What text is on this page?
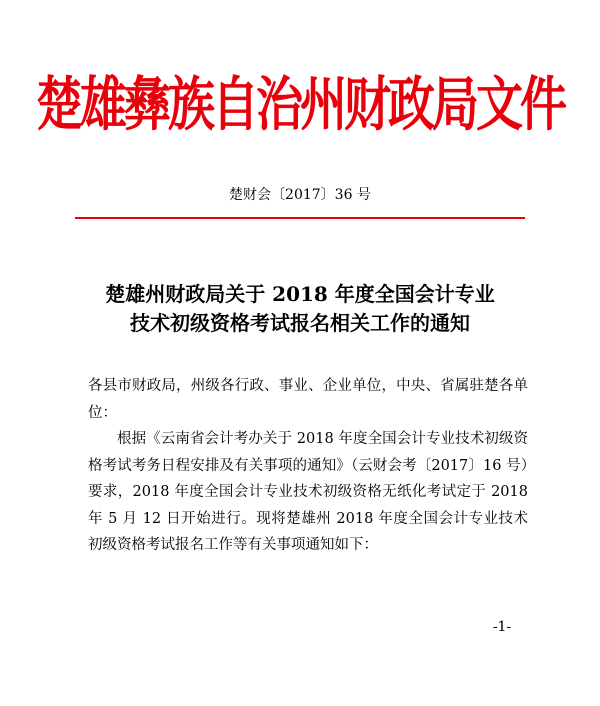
楚雄彝族自治州财政局文件
楚财会〔2017〕36 号
楚雄州财政局关于 2018 年度全国会计专业
技术初级资格考试报名相关工作的通知

各县市财政局，州级各行政、事业、企业单位，中央、省属驻楚各单位：

根据《云南省会计考办关于 2018 年度全国会计专业技术初级资格考试考务日程安排及有关事项的通知》（云财会考〔2017〕16 号）要求，2018 年度全国会计专业技术初级资格无纸化考试定于 2018 年 5 月 12 日开始进行。现将楚雄州 2018 年度全国会计专业技术初级资格考试报名工作等有关事项通知如下：

-1-
